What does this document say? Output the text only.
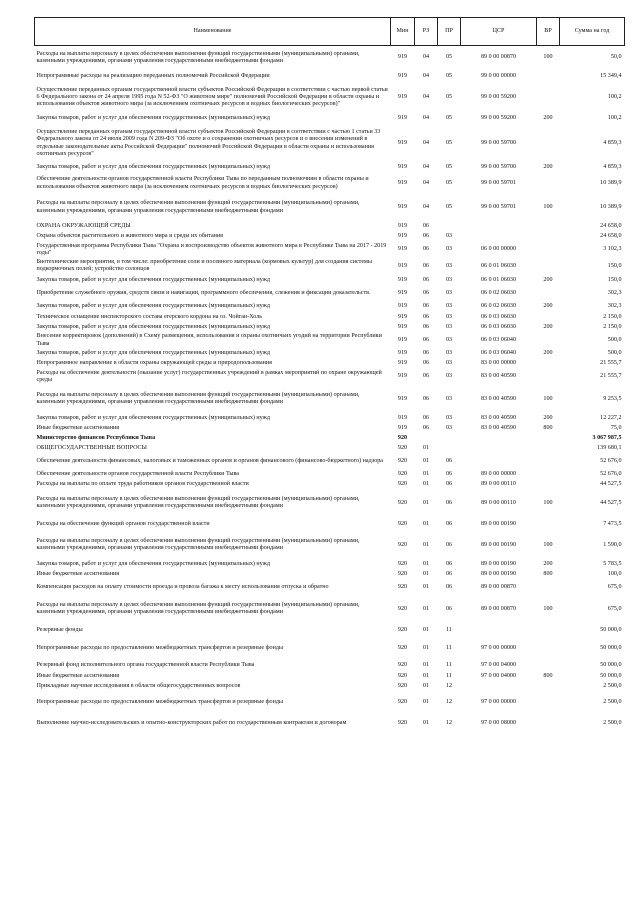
Наименование	Мин	РЗ	ПР	ЦСР	ВР	Сумма на год
Расходы на выплаты персоналу в целях обеспечения выполнения функций государственными (муниципальными) органами, казенными учреждениями, органами управления государственными внебюджетными фондами	919	04	05	89 0 00 00870	100	50,0
Непрограммные расходы на реализацию переданных полномочий Российской Федерации	919	04	05	99 0 00 00000		15 349,4
Осуществление переданных органам государственной власти субъектов Российской Федерации в соответствии с частью первой статьи 6 Федерального закона от 24 апреля 1995 года N 52-ФЗ "О животном мире" полномочий Российской Федерации в области охраны и использования объектов животного мира (за исключением охотничьих ресурсов и водных биологических ресурсов)"	919	04	05	99 0 00 59200		100,2
Закупка товаров, работ и услуг для обеспечения государственных (муниципальных) нужд	919	04	05	99 0 00 59200	200	100,2
Осуществление переданных органам государственной власти субъектов Российской Федерации в соответствии с частью 1 статьи 33 Федерального закона от 24 июля 2009 года N 209-ФЗ "Об охоте и о сохранении охотничьих ресурсов и о внесении изменений в отдельные законодательные акты Российской Федерации" полномочий Российской Федерации в области охраны и использования охотничьих ресурсов"	919	04	05	99 0 00 59700		4 859,3
Закупка товаров, работ и услуг для обеспечения государственных (муниципальных) нужд	919	04	05	99 0 00 59700	200	4 859,3
Обеспечение деятельности органов государственной власти Республики Тыва по переданным полномочиям в области охраны и использования объектов животного мира (за исключением охотничьих ресурсов и водных биологических ресурсов)	919	04	05	99 0 00 59701		10 389,9
Расходы на выплаты персоналу в целях обеспечения выполнения функций государственными (муниципальными) органами, казенными учреждениями, органами управления государственными внебюджетными фондами	919	04	05	99 0 00 59701	100	10 389,9
ОХРАНА ОКРУЖАЮЩЕЙ СРЕДЫ	919	06				24 658,0
Охрана объектов растительного и животного мира и среды их обитания	919	06	03			24 658,0
Государственная программа Республики Тыва "Охрана и воспроизводство объектов животного мира в Республике Тыва на 2017 - 2019 годы"	919	06	03	06 0 00 00000		3 102,3
Биотехнические мероприятия, в том числе: приобретение соли и посевного материала (кормовых культур) для создания системы подкормочных полей; устройство солонцов	919	06	03	06 0 01 06030		150,0
Закупка товаров, работ и услуг для обеспечения государственных (муниципальных) нужд	919	06	03	06 0 01 06030	200	150,0
Приобретение служебного оружия, средств связи и навигации, программного обеспечения, слежения и фиксации доказательств.	919	06	03	06 0 02 06030		302,3
Закупка товаров, работ и услуг для обеспечения государственных (муниципальных) нужд	919	06	03	06 0 02 06030	200	302,3
Техническое оснащение инспекторского состава егерского кордона на оз. Чойган-Холь	919	06	03	06 0 03 06030		2 150,0
Закупка товаров, работ и услуг для обеспечения государственных (муниципальных) нужд	919	06	03	06 0 03 06030	200	2 150,0
Внесение корректировок (дополнений) в Схему размещения, использования и охраны охотничьих угодий на территории Республики Тыва	919	06	03	06 0 03 06040		500,0
Закупка товаров, работ и услуг для обеспечения государственных (муниципальных) нужд	919	06	03	06 0 03 06040	200	500,0
Непрограммное направление в области охраны окружающей среды и природопользования	919	06	03	83 0 00 00000		21 555,7
Расходы на обеспечение деятельности (оказание услуг) государственных учреждений в рамках мероприятий по охране окружающей среды	919	06	03	83 0 00 40590		21 555,7
Расходы на выплаты персоналу в целях обеспечения выполнения функций государственными (муниципальными) органами, казенными учреждениями, органами управления государственными внебюджетными фондами	919	06	03	83 0 00 40590	100	9 253,5
Закупка товаров, работ и услуг для обеспечения государственных (муниципальных) нужд	919	06	03	83 0 00 40590	200	12 227,2
Иные бюджетные ассигнования	919	06	03	83 0 00 40590	800	75,0
Министерство финансов Республики Тыва	920					3 067 987,5
ОБЩЕГОСУДАРСТВЕННЫЕ ВОПРОСЫ	920	01				139 680,1
Обеспечение деятельности финансовых, налоговых и таможенных органов и органов финансового (финансово-бюджетного) надзора	920	01	06			52 676,0
Обеспечение деятельности органов государственной власти Республики Тыва	920	01	06	89 0 00 00000		52 676,0
Расходы на выплаты по оплате труда работников органов государственной власти	920	01	06	89 0 00 00110		44 527,5
Расходы на выплаты персоналу в целях обеспечения выполнения функций государственными (муниципальными) органами, казенными учреждениями, органами управления государственными внебюджетными фондами	920	01	06	89 0 00 00110	100	44 527,5
Расходы на обеспечение функций органов государственной власти	920	01	06	89 0 00 00190		7 473,5
Расходы на выплаты персоналу в целях обеспечения выполнения функций государственными (муниципальными) органами, казенными учреждениями, органами управления государственными внебюджетными фондами	920	01	06	89 0 00 00190	100	1 590,0
Закупка товаров, работ и услуг для обеспечения государственных (муниципальных) нужд	920	01	06	89 0 00 00190	200	5 783,5
Иные бюджетные ассигнования	920	01	06	89 0 00 00190	800	100,0
Компенсация расходов на оплату стоимости проезда и провоза багажа к месту использования отпуска и обратно	920	01	06	89 0 00 00870		675,0
Расходы на выплаты персоналу в целях обеспечения выполнения функций государственными (муниципальными) органами, казенными учреждениями, органами управления государственными внебюджетными фондами	920	01	06	89 0 00 00870	100	675,0
Резервные фонды	920	01	11			50 000,0
Непрограммные расходы по предоставлению межбюджетных трансфертов и резервные фонды	920	01	11	97 0 00 00000		50 000,0
Резервный фонд исполнительного органа государственной власти Республики Тыва	920	01	11	97 0 00 04000		50 000,0
Иные бюджетные ассигнования	920	01	11	97 0 00 04000	800	50 000,0
Прикладные научные исследования в области общегосударственных вопросов	920	01	12			2 500,0
Непрограммные расходы по предоставлению межбюджетных трансфертов и резервные фонды	920	01	12	97 0 00 00000		2 500,0
Выполнение научно-исследовательских и опытно-конструкторских работ по государственным контрактам и договорам	920	01	12	97 0 00 08000		2 500,0
